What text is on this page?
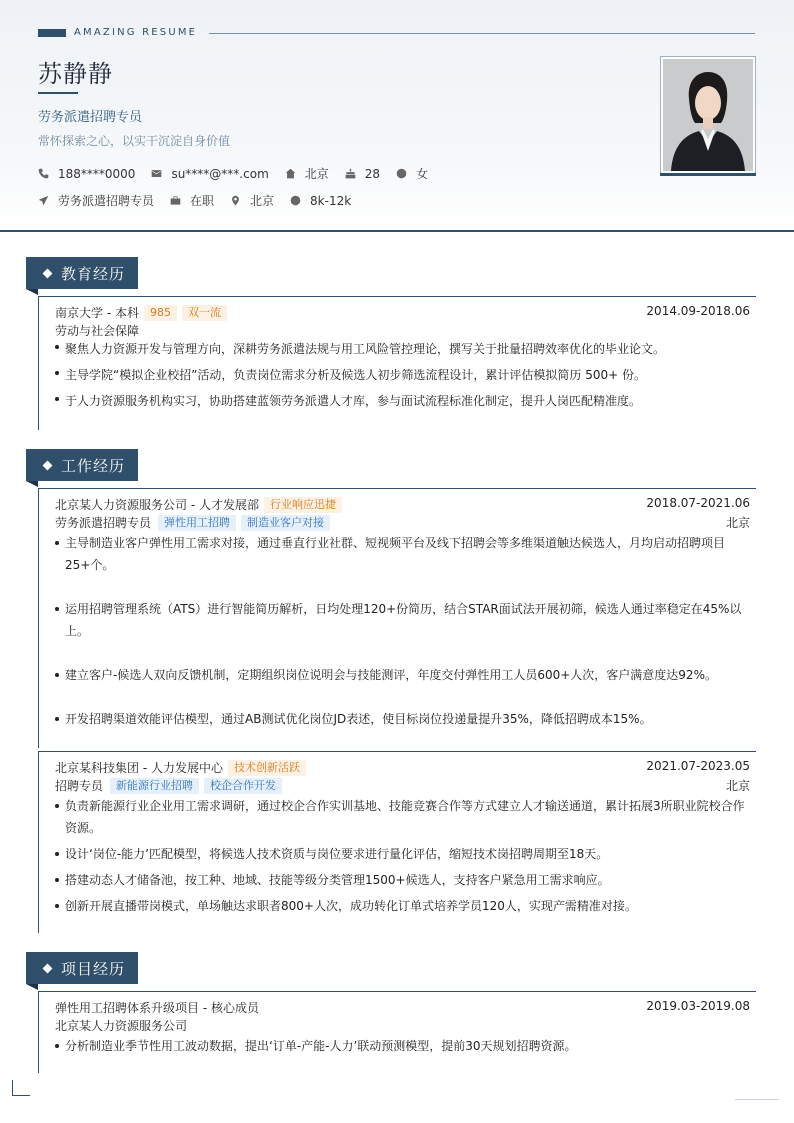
AMAZING RESUME
苏静静
劳务派遣招聘专员
常怀探索之心，以实干沉淀自身价值
188****0000	su****@***.com	北京	28	女
劳务派遣招聘专员	在职	北京	8k-12k
教育经历
南京大学 - 本科	985	双一流	2014.09-2018.06
劳动与社会保障
聚焦人力资源开发与管理方向，深耕劳务派遣法规与用工风险管控理论，撰写关于批量招聘效率优化的毕业论文。
主导学院“模拟企业校招”活动，负责岗位需求分析及候选人初步筛选流程设计，累计评估模拟简历 500+ 份。
于人力资源服务机构实习，协助搭建蓝领劳务派遣人才库，参与面试流程标准化制定，提升人岗匹配精准度。
工作经历
北京某人力资源服务公司 - 人才发展部	行业响应迅捷	2018.07-2021.06
劳务派遣招聘专员	弹性用工招聘	制造业客户对接	北京
主导制造业客户弹性用工需求对接，通过垂直行业社群、短视频平台及线下招聘会等多维渠道触达候选人，月均启动招聘项目25+个。
运用招聘管理系统（ATS）进行智能简历解析，日均处理120+份简历，结合STAR面试法开展初筛，候选人通过率稳定在45%以上。
建立客户-候选人双向反馈机制，定期组织岗位说明会与技能测评，年度交付弹性用工人员600+人次，客户满意度达92%。
开发招聘渠道效能评估模型，通过AB测试优化岗位JD表述，使目标岗位投递量提升35%，降低招聘成本15%。
北京某科技集团 - 人力发展中心	技术创新活跃	2021.07-2023.05
招聘专员	新能源行业招聘	校企合作开发	北京
负责新能源行业企业用工需求调研，通过校企合作实训基地、技能竞赛合作等方式建立人才输送通道，累计拓展3所职业院校合作资源。
设计‘岗位-能力’匹配模型，将候选人技术资质与岗位要求进行量化评估，缩短技术岗招聘周期至18天。
搭建动态人才储备池，按工种、地域、技能等级分类管理1500+候选人，支持客户紧急用工需求响应。
创新开展直播带岗模式，单场触达求职者800+人次，成功转化订单式培养学员120人，实现产需精准对接。
项目经历
弹性用工招聘体系升级项目 - 核心成员	2019.03-2019.08
北京某人力资源服务公司
分析制造业季节性用工波动数据，提出‘订单-产能-人力’联动预测模型，提前30天规划招聘资源。
